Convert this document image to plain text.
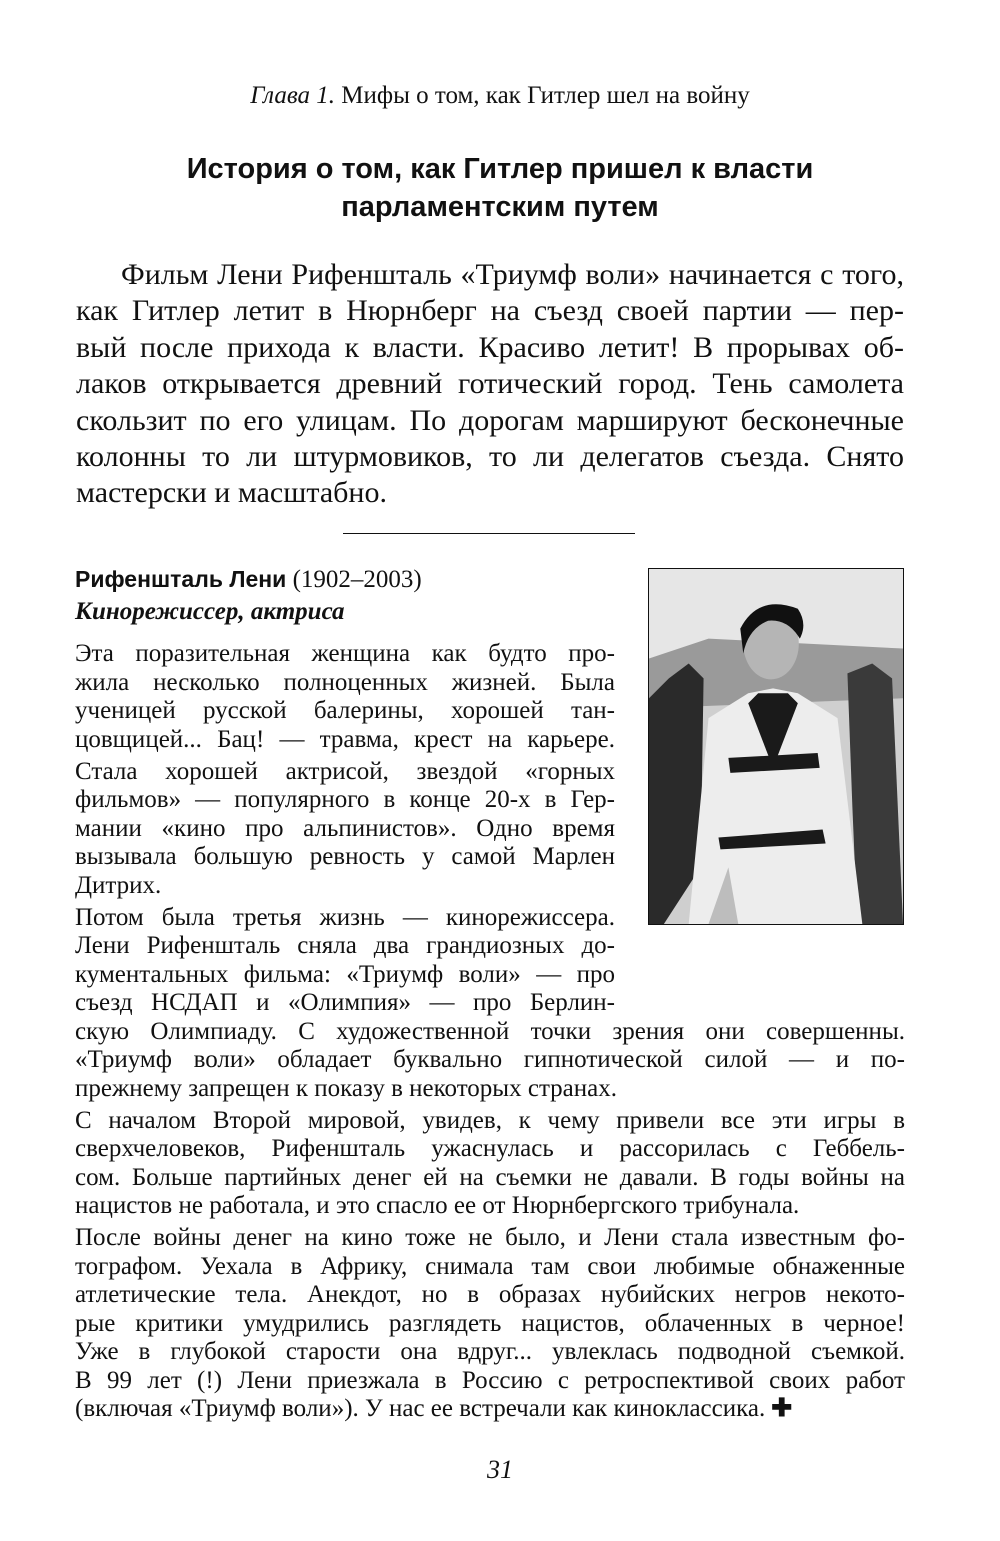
Глава 1. Мифы о том, как Гитлер шел на войну
История о том, как Гитлер пришел к власти
парламентским путем
Фильм Лени Рифеншталь «Триумф воли» начинается с того,
как Гитлер летит в Нюрнберг на съезд своей партии — пер-
вый после прихода к власти. Красиво летит! В прорывах об-
лаков открывается древний готический город. Тень самолета
скользит по его улицам. По дорогам маршируют бесконечные
колонны то ли штурмовиков, то ли делегатов съезда. Снято
мастерски и масштабно.
Рифеншталь Лени (1902–2003)
Кинорежиссер, актриса
Эта поразительная женщина как будто про-
жила несколько полноценных жизней. Была
ученицей русской балерины, хорошей тан-
цовщицей... Бац! — травма, крест на карьере.
Стала хорошей актрисой, звездой «горных
фильмов» — популярного в конце 20-х в Гер-
мании «кино про альпинистов». Одно время
вызывала большую ревность у самой Марлен
Дитрих.
Потом была третья жизнь — кинорежиссера.
Лени Рифеншталь сняла два грандиозных до-
кументальных фильма: «Триумф воли» — про
съезд НСДАП и «Олимпия» — про Берлин-
скую Олимпиаду. С художественной точки зрения они совершенны.
«Триумф воли» обладает буквально гипнотической силой — и по-
прежнему запрещен к показу в некоторых странах.
С началом Второй мировой, увидев, к чему привели все эти игры в
сверхчеловеков, Рифеншталь ужаснулась и рассорилась с Геббель-
сом. Больше партийных денег ей на съемки не давали. В годы войны на
нацистов не работала, и это спасло ее от Нюрнбергского трибунала.
После войны денег на кино тоже не было, и Лени стала известным фо-
тографом. Уехала в Африку, снимала там свои любимые обнаженные
атлетические тела. Анекдот, но в образах нубийских негров некото-
рые критики умудрились разглядеть нацистов, облаченных в черное!
Уже в глубокой старости она вдруг... увлеклась подводной съемкой.
В 99 лет (!) Лени приезжала в Россию с ретроспективой своих работ
(включая «Триумф воли»). У нас ее встречали как киноклассика. ✚
31
